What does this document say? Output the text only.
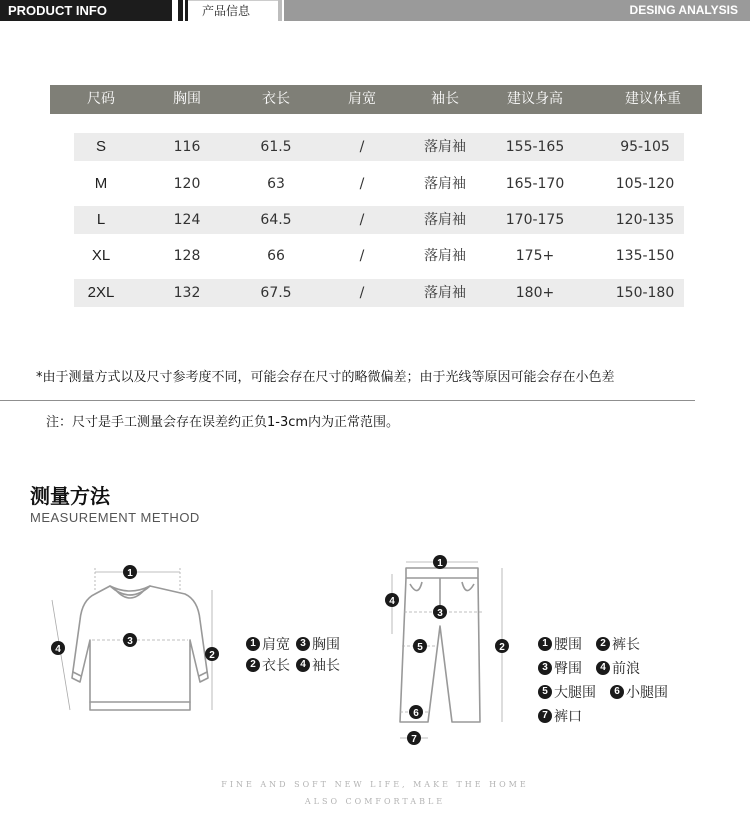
PRODUCT INFO	产品信息	DESING ANALYSIS
尺码	胸围	衣长	肩宽	袖长	建议身高	建议体重
S	116	61.5	/	落肩袖	155-165	95-105
M	120	63	/	落肩袖	165-170	105-120
L	124	64.5	/	落肩袖	170-175	120-135
XL	128	66	/	落肩袖	175+	135-150
2XL	132	67.5	/	落肩袖	180+	150-180
*由于测量方式以及尺寸参考度不同，可能会存在尺寸的略微偏差；由于光线等原因可能会存在小色差
注：尺寸是手工测量会存在误差约正负1-3cm内为正常范围。
测量方法
MEASUREMENT METHOD
1
3
2
4
1 肩宽	3 胸围
2 衣长	4 袖长
1
3
4
5	2
6
7
1 腰围	2 裤长
3 臀围	4 前浪
5 大腿围	6 小腿围
7 裤口
FINE AND SOFT NEW LIFE, MAKE THE HOME
ALSO COMFORTABLE
